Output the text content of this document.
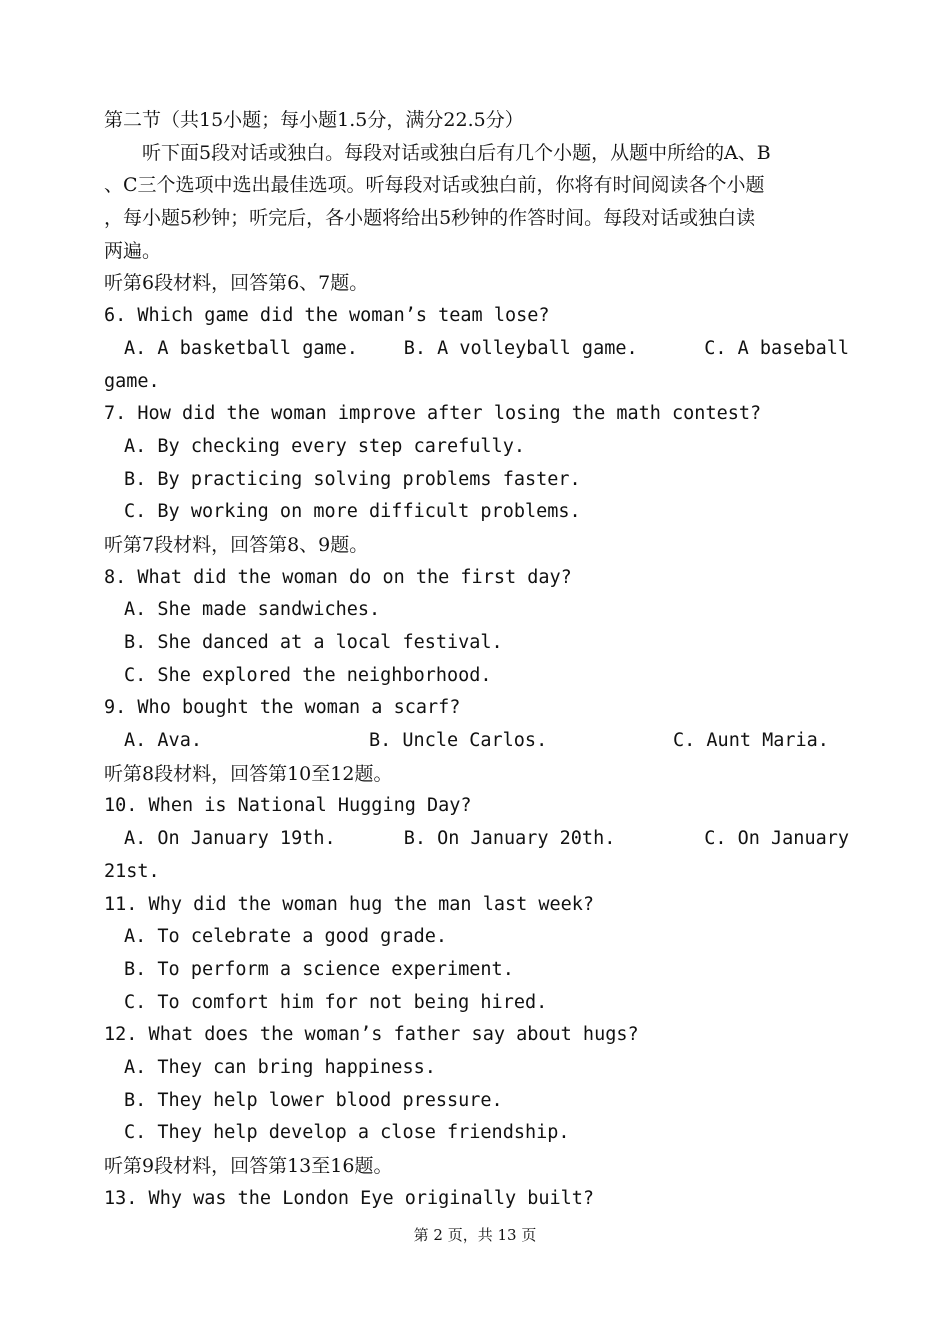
第二节（共15小题；每小题1.5分，满分22.5分）
听下面5段对话或独白。每段对话或独白后有几个小题，从题中所给的A、B
、C三个选项中选出最佳选项。听每段对话或独白前，你将有时间阅读各个小题
，每小题5秒钟；听完后，各小题将给出5秒钟的作答时间。每段对话或独白读
两遍。
听第6段材料，回答第6、7题。
6. Which game did the woman’s team lose?
A. A basketball game.	B. A volleyball game.	C. A baseball
game.
7. How did the woman improve after losing the math contest?
A. By checking every step carefully.
B. By practicing solving problems faster.
C. By working on more difficult problems.
听第7段材料，回答第8、9题。
8. What did the woman do on the first day?
A. She made sandwiches.
B. She danced at a local festival.
C. She explored the neighborhood.
9. Who bought the woman a scarf?
A. Ava.	B. Uncle Carlos.	C. Aunt Maria.
听第8段材料，回答第10至12题。
10. When is National Hugging Day?
A. On January 19th.	B. On January 20th.	C. On January
21st.
11. Why did the woman hug the man last week?
A. To celebrate a good grade.
B. To perform a science experiment.
C. To comfort him for not being hired.
12. What does the woman’s father say about hugs?
A. They can bring happiness.
B. They help lower blood pressure.
C. They help develop a close friendship.
听第9段材料，回答第13至16题。
13. Why was the London Eye originally built?
第 2 页，共 13 页
